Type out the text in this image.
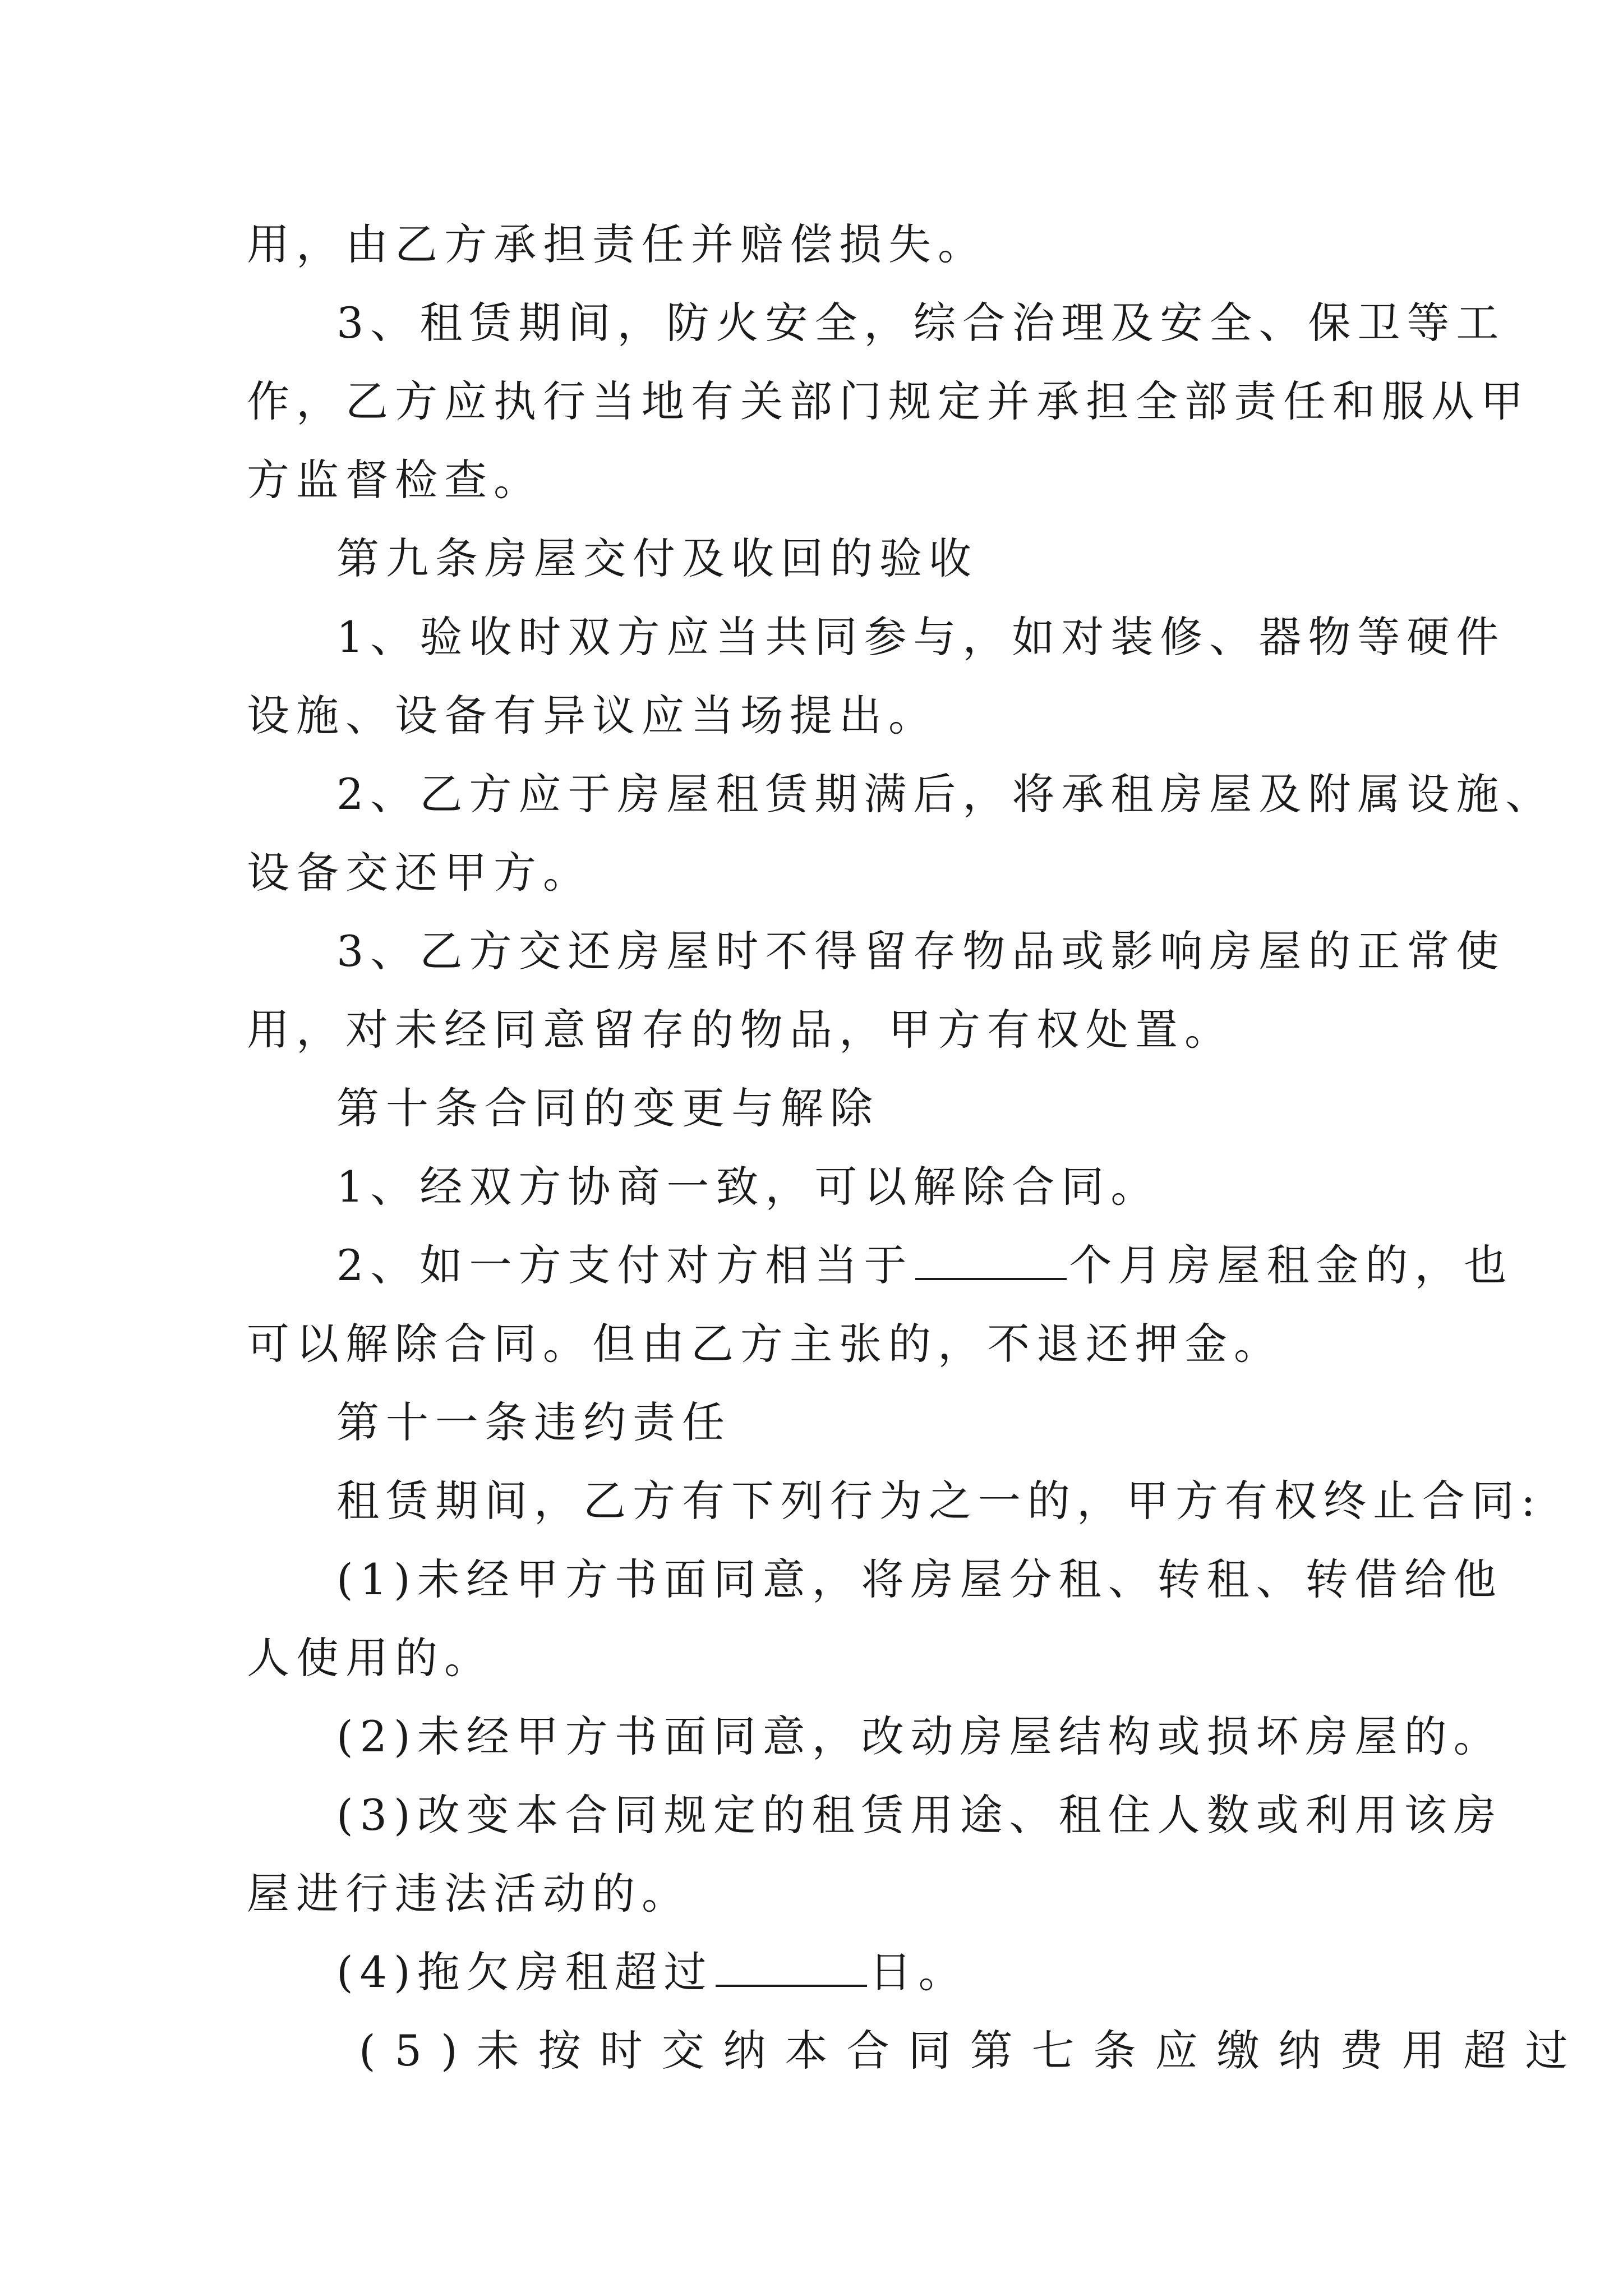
用，由乙方承担责任并赔偿损失。
3、租赁期间，防火安全，综合治理及安全、保卫等工
作，乙方应执行当地有关部门规定并承担全部责任和服从甲
方监督检查。
第九条房屋交付及收回的验收
1、验收时双方应当共同参与，如对装修、器物等硬件
设施、设备有异议应当场提出。
2、乙方应于房屋租赁期满后，将承租房屋及附属设施、
设备交还甲方。
3、乙方交还房屋时不得留存物品或影响房屋的正常使
用，对未经同意留存的物品，甲方有权处置。
第十条合同的变更与解除
1、经双方协商一致，可以解除合同。
2、如一方支付对方相当于	个月房屋租金的，也
可以解除合同。但由乙方主张的，不退还押金。
第十一条违约责任
租赁期间，乙方有下列行为之一的，甲方有权终止合同:
(1)未经甲方书面同意，将房屋分租、转租、转借给他
人使用的。
(2)未经甲方书面同意，改动房屋结构或损坏房屋的。
(3)改变本合同规定的租赁用途、租住人数或利用该房
屋进行违法活动的。
(4)拖欠房租超过	日。
(5)未按时交纳本合同第七条应缴纳费用超过
